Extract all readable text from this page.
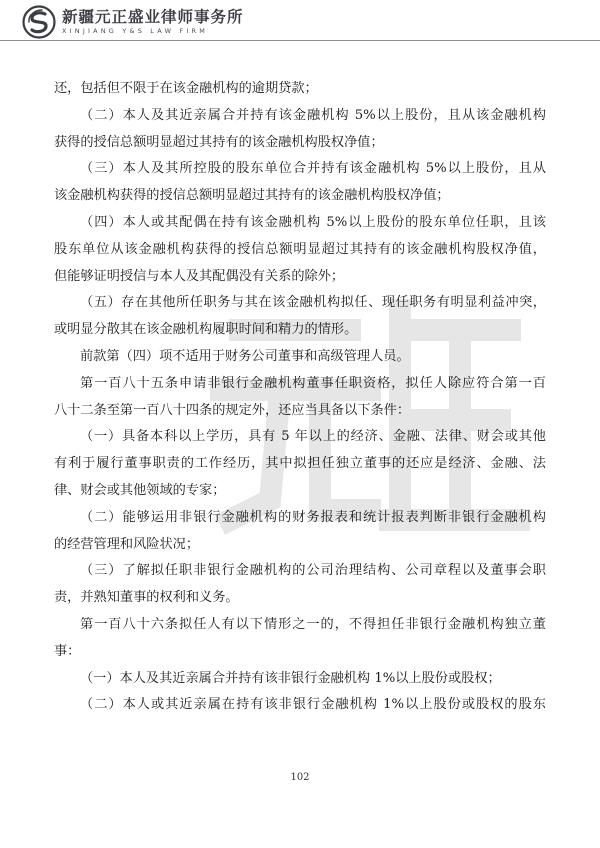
新疆元正盛业律师事务所
XINJIANG Y&S LAW FIRM
还，包括但不限于在该金融机构的逾期贷款；
（二）本人及其近亲属合并持有该金融机构 5%以上股份，且从该金融机构
获得的授信总额明显超过其持有的该金融机构股权净值；
（三）本人及其所控股的股东单位合并持有该金融机构 5%以上股份，且从
该金融机构获得的授信总额明显超过其持有的该金融机构股权净值；
（四）本人或其配偶在持有该金融机构 5%以上股份的股东单位任职，且该
股东单位从该金融机构获得的授信总额明显超过其持有的该金融机构股权净值，
但能够证明授信与本人及其配偶没有关系的除外；
（五）存在其他所任职务与其在该金融机构拟任、现任职务有明显利益冲突，
或明显分散其在该金融机构履职时间和精力的情形。
前款第（四）项不适用于财务公司董事和高级管理人员。
第一百八十五条申请非银行金融机构董事任职资格，拟任人除应符合第一百
八十二条至第一百八十四条的规定外，还应当具备以下条件：
（一）具备本科以上学历，具有 5 年以上的经济、金融、法律、财会或其他
有利于履行董事职责的工作经历，其中拟担任独立董事的还应是经济、金融、法
律、财会或其他领域的专家；
（二）能够运用非银行金融机构的财务报表和统计报表判断非银行金融机构
的经营管理和风险状况；
（三）了解拟任职非银行金融机构的公司治理结构、公司章程以及董事会职
责，并熟知董事的权利和义务。
第一百八十六条拟任人有以下情形之一的，不得担任非银行金融机构独立董
事：
（一）本人及其近亲属合并持有该非银行金融机构 1%以上股份或股权；
（二）本人或其近亲属在持有该非银行金融机构 1%以上股份或股权的股东
102
